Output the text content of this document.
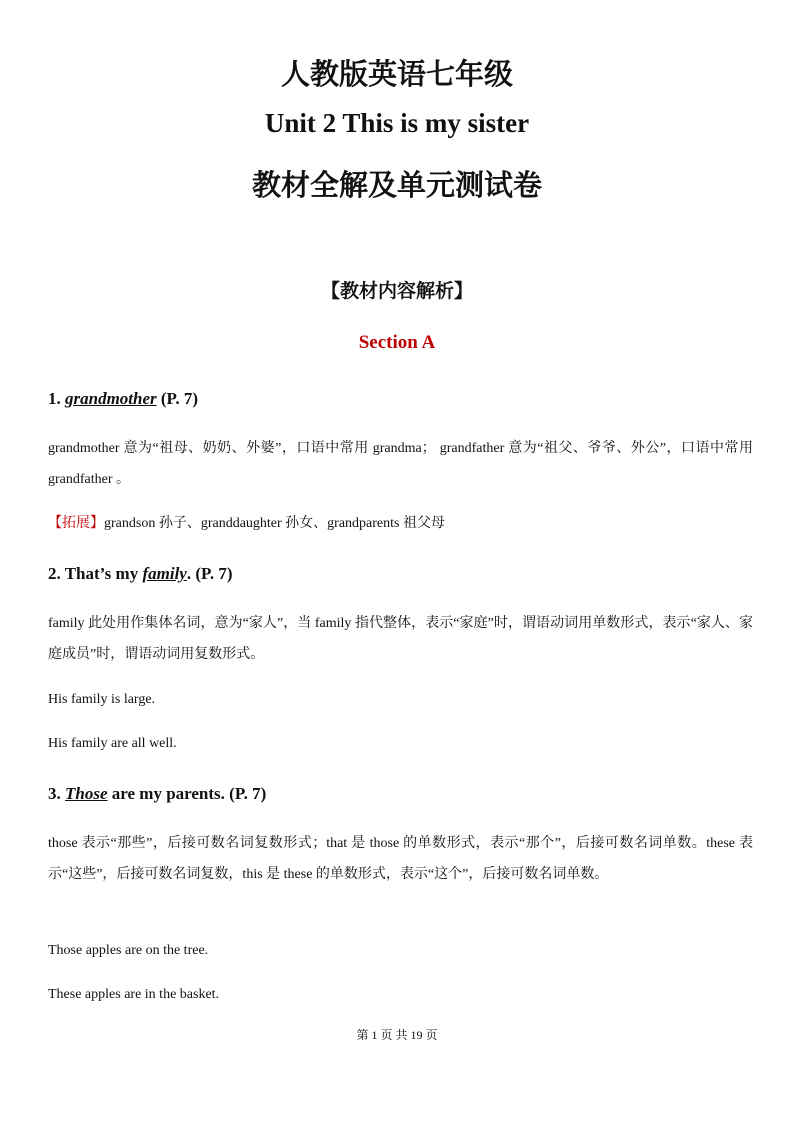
人教版英语七年级
Unit 2 This is my sister
教材全解及单元测试卷
【教材内容解析】
Section A
1. grandmother (P. 7)
grandmother 意为“祖母、奶奶、外婆”，口语中常用 grandma； grandfather 意为“祖父、爷爷、外公”，口语中常用 grandfather 。
【拓展】grandson 孙子、granddaughter 孙女、grandparents 祖父母
2. That’s my family. (P. 7)
family 此处用作集体名词，意为“家人”，当 family 指代整体，表示“家庭”时，谓语动词用单数形式，表示“家人、家庭成员”时，谓语动词用复数形式。
His family is large.
His family are all well.
3. Those are my parents. (P. 7)
those 表示“那些”，后接可数名词复数形式；that 是 those 的单数形式，表示“那个”，后接可数名词单数。these 表示“这些”，后接可数名词复数，this 是 these 的单数形式，表示“这个”，后接可数名词单数。
Those apples are on the tree.
These apples are in the basket.
第 1 页 共 19 页
